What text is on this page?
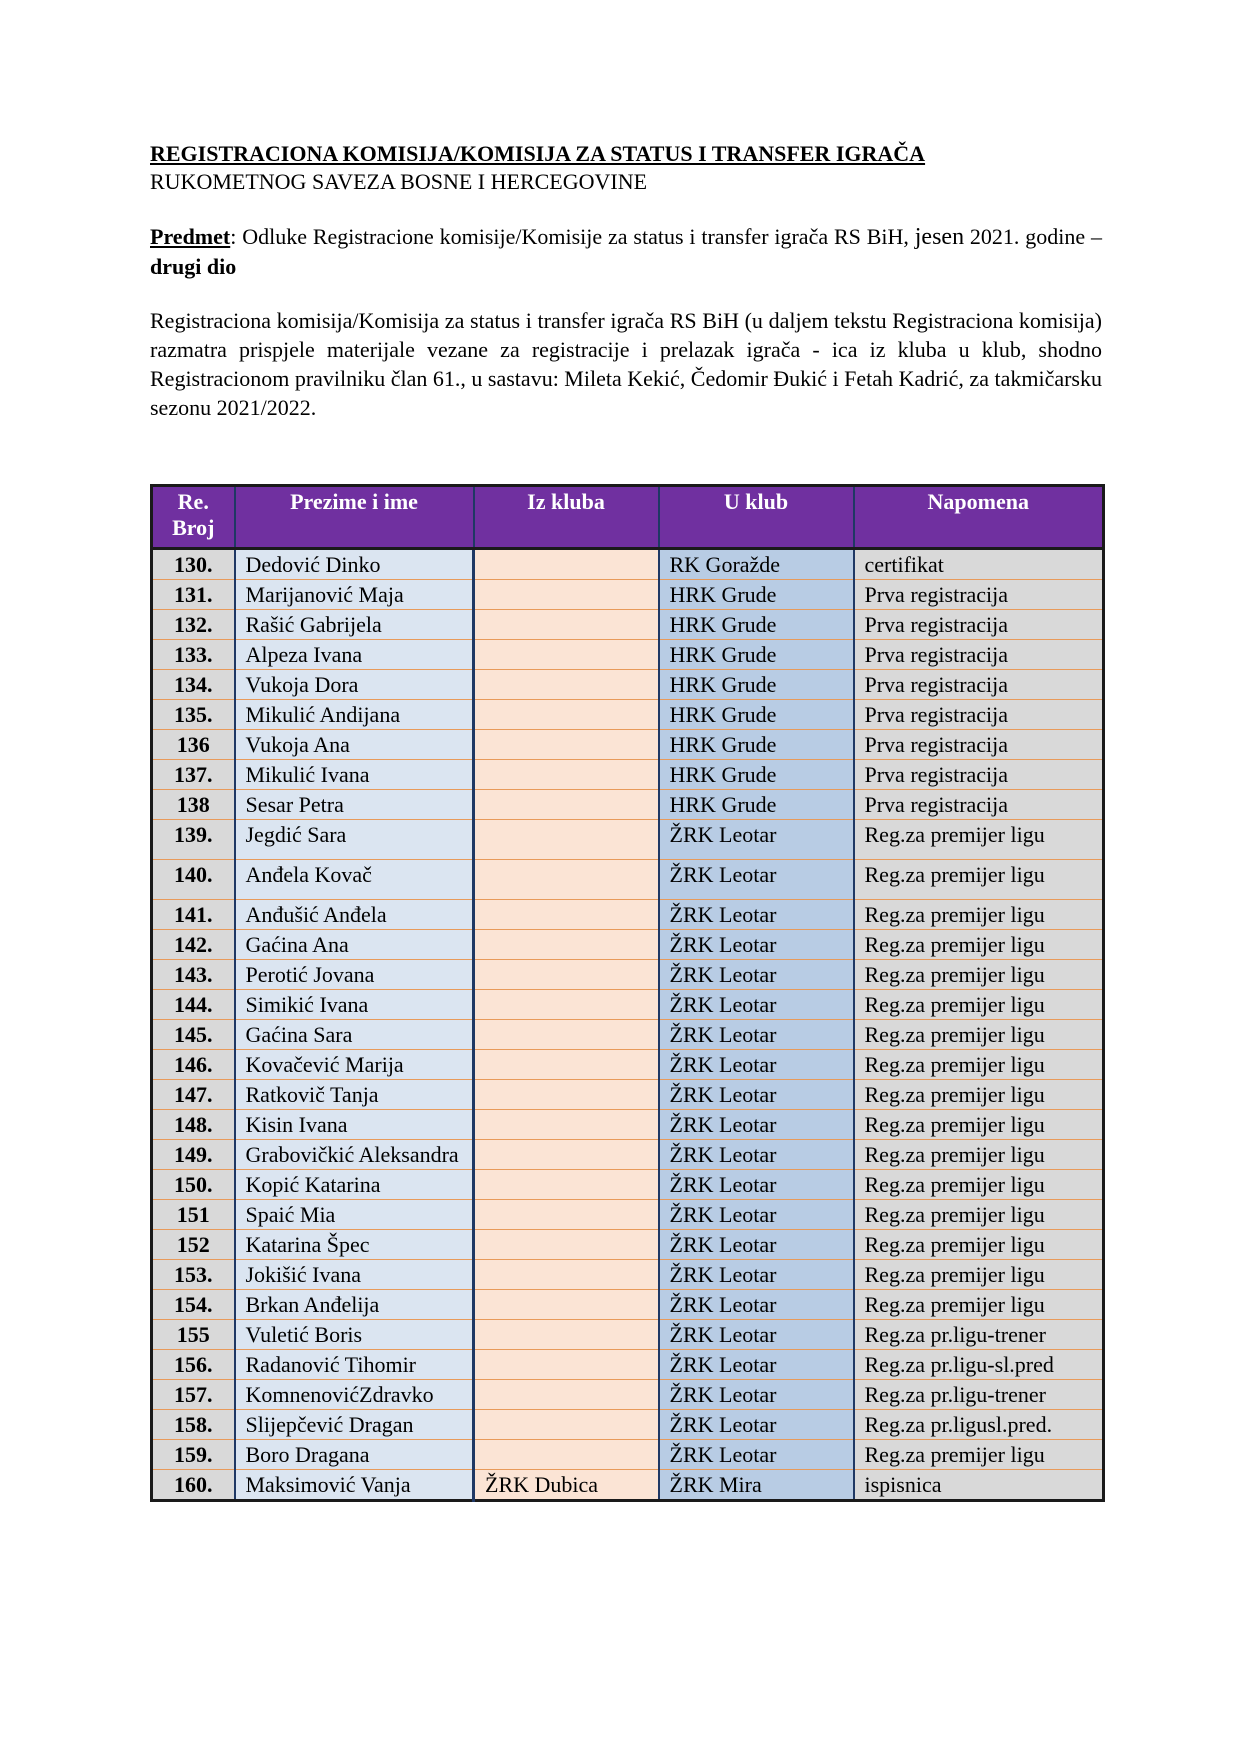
REGISTRACIONA KOMISIJA/KOMISIJA ZA STATUS I TRANSFER IGRAČA
RUKOMETNOG SAVEZA BOSNE I HERCEGOVINE
Predmet: Odluke Registracione komisije/Komisije za status i transfer igrača RS BiH, jesen 2021. godine –drugi dio
Registraciona komisija/Komisija za status i transfer igrača RS BiH (u daljem tekstu Registraciona komisija) razmatra prispjele materijale vezane za registracije i prelazak igrača - ica iz kluba u klub, shodno Registracionom pravilniku član 61., u sastavu: Mileta Kekić, Čedomir Đukić i Fetah Kadrić, za takmičarsku sezonu 2021/2022.
Re.
Broj	Prezime i ime	Iz kluba	U klub	Napomena
130.	Dedović Dinko		RK Goražde	certifikat
131.	Marijanović Maja		HRK Grude	Prva registracija
132.	Rašić Gabrijela		HRK Grude	Prva registracija
133.	Alpeza Ivana		HRK Grude	Prva registracija
134.	Vukoja Dora		HRK Grude	Prva registracija
135.	Mikulić Andijana		HRK Grude	Prva registracija
136	Vukoja Ana		HRK Grude	Prva registracija
137.	Mikulić Ivana		HRK Grude	Prva registracija
138	Sesar Petra		HRK Grude	Prva registracija
139.	Jegdić Sara		ŽRK Leotar	Reg.za premijer ligu
140.	Anđela Kovač		ŽRK Leotar	Reg.za premijer ligu
141.	Anđušić Anđela		ŽRK Leotar	Reg.za premijer ligu
142.	Gaćina Ana		ŽRK Leotar	Reg.za premijer ligu
143.	Perotić Jovana		ŽRK Leotar	Reg.za premijer ligu
144.	Simikić Ivana		ŽRK Leotar	Reg.za premijer ligu
145.	Gaćina Sara		ŽRK Leotar	Reg.za premijer ligu
146.	Kovačević Marija		ŽRK Leotar	Reg.za premijer ligu
147.	Ratkovič Tanja		ŽRK Leotar	Reg.za premijer ligu
148.	Kisin Ivana		ŽRK Leotar	Reg.za premijer ligu
149.	Grabovičkić Aleksandra		ŽRK Leotar	Reg.za premijer ligu
150.	Kopić Katarina		ŽRK Leotar	Reg.za premijer ligu
151	Spaić Mia		ŽRK Leotar	Reg.za premijer ligu
152	Katarina Špec		ŽRK Leotar	Reg.za premijer ligu
153.	Jokišić Ivana		ŽRK Leotar	Reg.za premijer ligu
154.	Brkan Anđelija		ŽRK Leotar	Reg.za premijer ligu
155	Vuletić Boris		ŽRK Leotar	Reg.za pr.ligu-trener
156.	Radanović Tihomir		ŽRK Leotar	Reg.za pr.ligu-sl.pred
157.	KomnenovićZdravko		ŽRK Leotar	Reg.za pr.ligu-trener
158.	Slijepčević Dragan		ŽRK Leotar	Reg.za pr.ligusl.pred.
159.	Boro Dragana		ŽRK Leotar	Reg.za premijer ligu
160.	Maksimović Vanja	ŽRK Dubica	ŽRK Mira	ispisnica
